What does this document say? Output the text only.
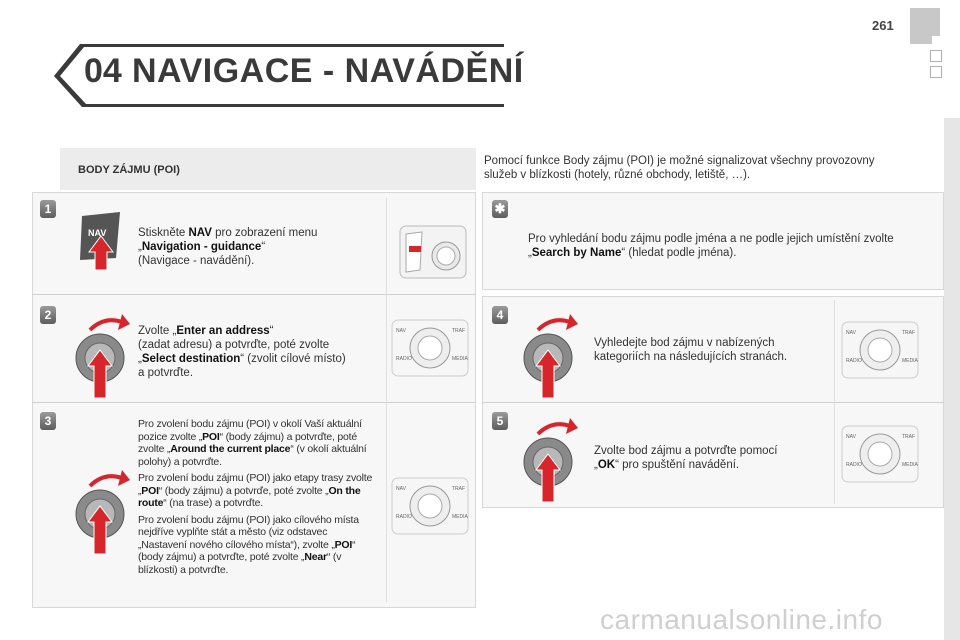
04 NAVIGACE - NAVÁDĚNÍ
261
BODY ZÁJMU (POI)
Pomocí funkce Body zájmu (POI) je možné signalizovat všechny provozovny služeb v blízkosti (hotely, různé obchody, letiště, …).
1
2
3
4
5
✱
NAV	Stiskněte NAV pro zobrazení menu
„Navigation - guidance“
(Navigace - navádění).
Zvolte „Enter an address“
(zadat adresu) a potvrďte, poté zvolte
„Select destination“ (zvolit cílové místo)
a potvrďte.
NAV	TRAF
RADIO	MEDIA
Pro zvolení bodu zájmu (POI) v okolí Vaší aktuální pozice zvolte „POI“ (body zájmu) a potvrďte, poté zvolte „Around the current place“ (v okolí aktuální polohy) a potvrďte.
Pro zvolení bodu zájmu (POI) jako etapy trasy zvolte „POI“ (body zájmu) a potvrďe, poté zvolte „On the route“ (na trase) a potvrďte.
Pro zvolení bodu zájmu (POI) jako cílového místa nejdříve vyplňte stát a město (viz odstavec „Nastavení nového cílového místa“), zvolte „POI“ (body zájmu) a potvrďte, poté zvolte „Near“ (v blízkosti) a potvrďte.
NAV	TRAF
RADIO	MEDIA
Pro vyhledání bodu zájmu podle jména a ne podle jejich umístění zvolte „Search by Name“ (hledat podle jména).
Vyhledejte bod zájmu v nabízených kategoriích na následujících stranách.
NAV	TRAF
RADIO	MEDIA
Zvolte bod zájmu a potvrďte pomocí
„OK“ pro spuštění navádění.
NAV	TRAF
RADIO	MEDIA
carmanualsonline.info
